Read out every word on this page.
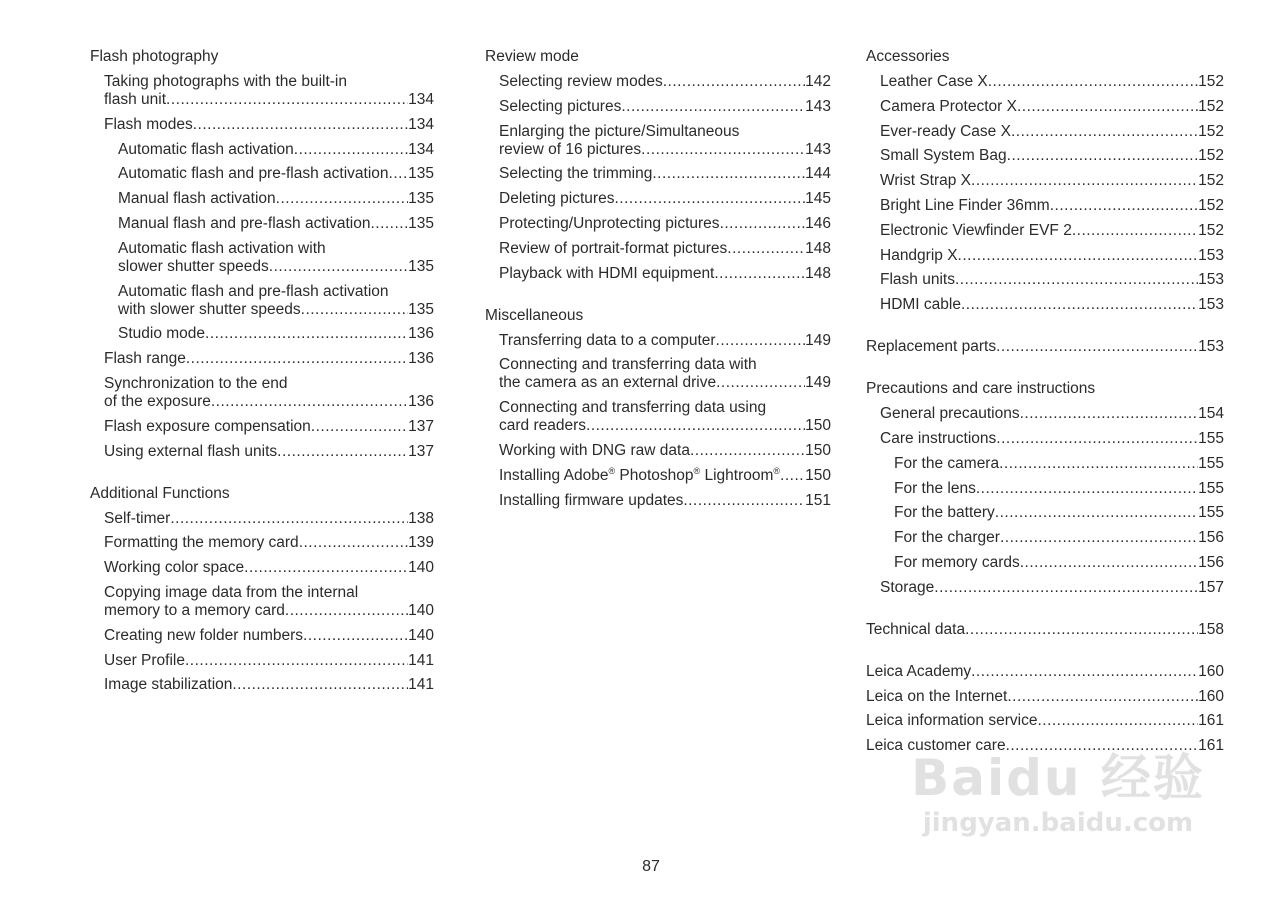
Flash photography
Taking photographs with the built-in
flash unit .....	134
Flash modes .....	134
Automatic flash activation .....	134
Automatic flash and pre-flash activation ..... 135
Manual flash activation .....	135
Manual flash and pre-flash activation ..... 135
Automatic flash activation with
slower shutter speeds .....	135
Automatic flash and pre-flash activation
with slower shutter speeds .....	135
Studio mode .....	136
Flash range .....	136
Synchronization to the end
of the exposure .....	136
Flash exposure compensation .....	137
Using external flash units .....	137
Additional Functions
Self-timer .....	138
Formatting the memory card .....	139
Working color space .....	140
Copying image data from the internal
memory to a memory card .....	140
Creating new folder numbers .....	140
User Profile .....	141
Image stabilization .....	141
Review mode
Selecting review modes .....	142
Selecting pictures .....	143
Enlarging the picture/Simultaneous
review of 16 pictures .....	143
Selecting the trimming .....	144
Deleting pictures .....	145
Protecting/Unprotecting pictures .....	146
Review of portrait-format pictures .....	148
Playback with HDMI equipment .....	148
Miscellaneous
Transferring data to a computer .....	149
Connecting and transferring data with
the camera as an external drive .....	149
Connecting and transferring data using
card readers .....	150
Working with DNG raw data .....	150
Installing Adobe® Photoshop® Lightroom® ..... 150
Installing firmware updates .....	151
Accessories
Leather Case X .....	152
Camera Protector X .....	152
Ever-ready Case X .....	152
Small System Bag .....	152
Wrist Strap X .....	152
Bright Line Finder 36mm .....	152
Electronic Viewfinder EVF 2 .....	152
Handgrip X .....	153
Flash units .....	153
HDMI cable .....	153
Replacement parts .....	153
Precautions and care instructions
General precautions .....	154
Care instructions .....	155
For the camera .....	155
For the lens .....	155
For the battery .....	155
For the charger .....	156
For memory cards .....	156
Storage .....	157
Technical data .....	158
Leica Academy .....	160
Leica on the Internet .....	160
Leica information service .....	161
Leica customer care .....	161
87
Baidu 经验
jingyan.baidu.com
